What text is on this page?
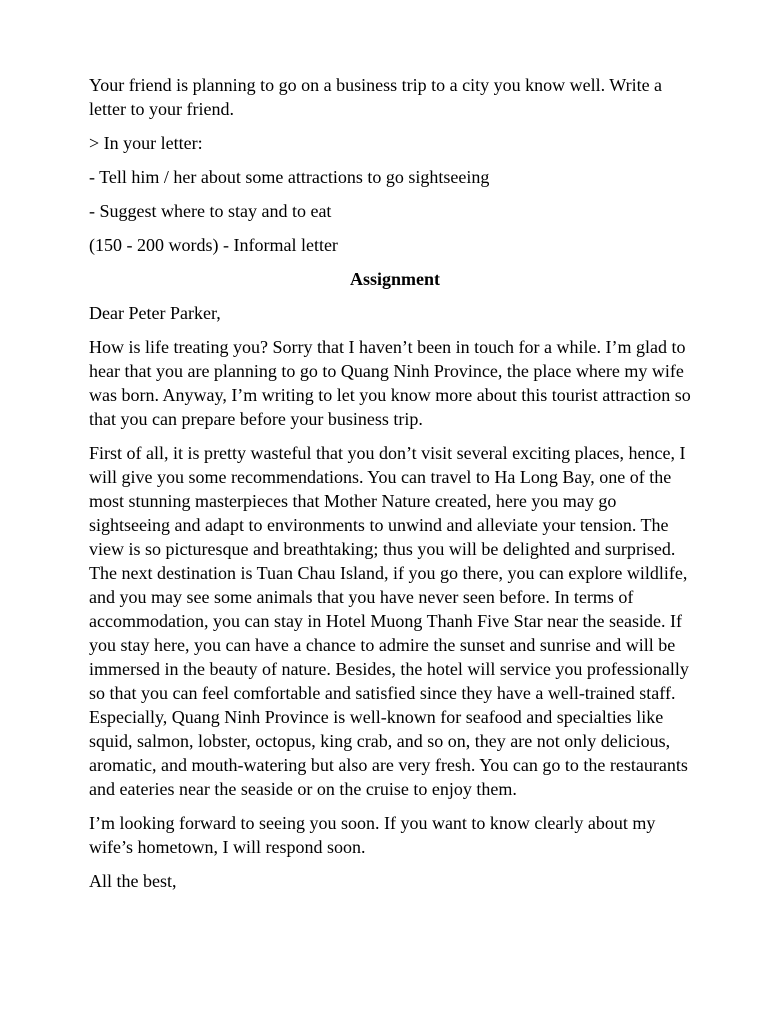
Your friend is planning to go on a business trip to a city you know well. Write a letter to your friend.

> In your letter:

- Tell him / her about some attractions to go sightseeing

- Suggest where to stay and to eat

(150 - 200 words) - Informal letter

Assignment

Dear Peter Parker,

How is life treating you? Sorry that I haven’t been in touch for a while. I’m glad to hear that you are planning to go to Quang Ninh Province, the place where my wife was born. Anyway, I’m writing to let you know more about this tourist attraction so that you can prepare before your business trip.

First of all, it is pretty wasteful that you don’t visit several exciting places, hence, I will give you some recommendations. You can travel to Ha Long Bay, one of the most stunning masterpieces that Mother Nature created, here you may go sightseeing and adapt to environments to unwind and alleviate your tension. The view is so picturesque and breathtaking; thus you will be delighted and surprised. The next destination is Tuan Chau Island, if you go there, you can explore wildlife, and you may see some animals that you have never seen before. In terms of accommodation, you can stay in Hotel Muong Thanh Five Star near the seaside. If you stay here, you can have a chance to admire the sunset and sunrise and will be immersed in the beauty of nature. Besides, the hotel will service you professionally so that you can feel comfortable and satisfied since they have a well-trained staff. Especially, Quang Ninh Province is well-known for seafood and specialties like squid, salmon, lobster, octopus, king crab, and so on, they are not only delicious, aromatic, and mouth-watering but also are very fresh. You can go to the restaurants and eateries near the seaside or on the cruise to enjoy them.

I’m looking forward to seeing you soon. If you want to know clearly about my wife’s hometown, I will respond soon.

All the best,
